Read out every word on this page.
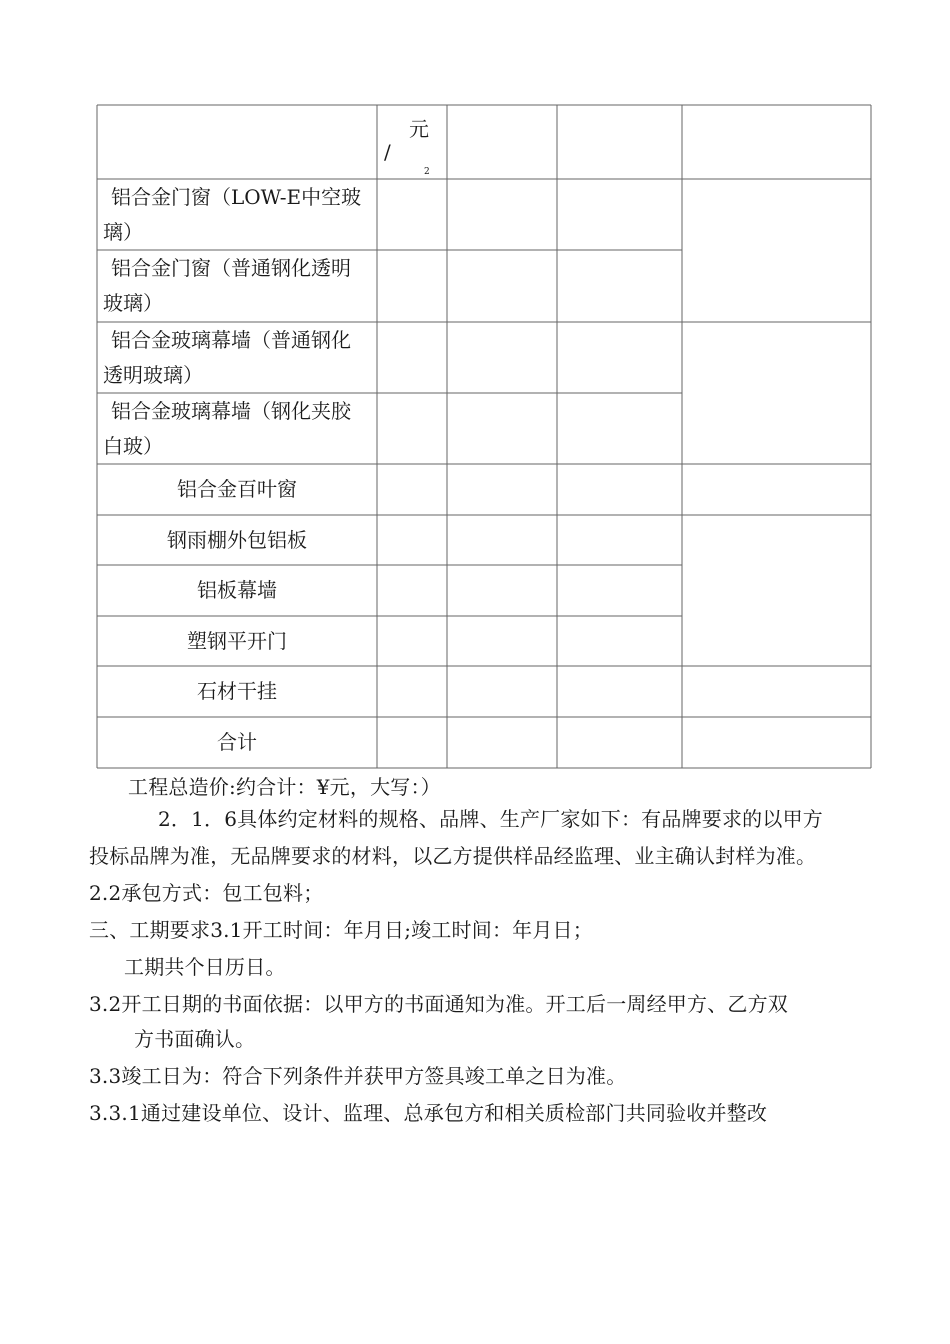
元
/
2
铝合金门窗（LOW-E中空玻璃）
铝合金门窗（普通钢化透明玻璃）
铝合金玻璃幕墙（普通钢化透明玻璃）
铝合金玻璃幕墙（钢化夹胶白玻）
铝合金百叶窗
钢雨棚外包铝板
铝板幕墙
塑钢平开门
石材干挂
合计
工程总造价:约合计：¥元，大写：）
2．1．6具体约定材料的规格、品牌、生产厂家如下：有品牌要求的以甲方
投标品牌为准，无品牌要求的材料，以乙方提供样品经监理、业主确认封样为准。
2.2承包方式：包工包料；
三、工期要求3.1开工时间：年月日;竣工时间：年月日；
工期共个日历日。
3.2开工日期的书面依据：以甲方的书面通知为准。开工后一周经甲方、乙方双
方书面确认。
3.3竣工日为：符合下列条件并获甲方签具竣工单之日为准。
3.3.1通过建设单位、设计、监理、总承包方和相关质检部门共同验收并整改
